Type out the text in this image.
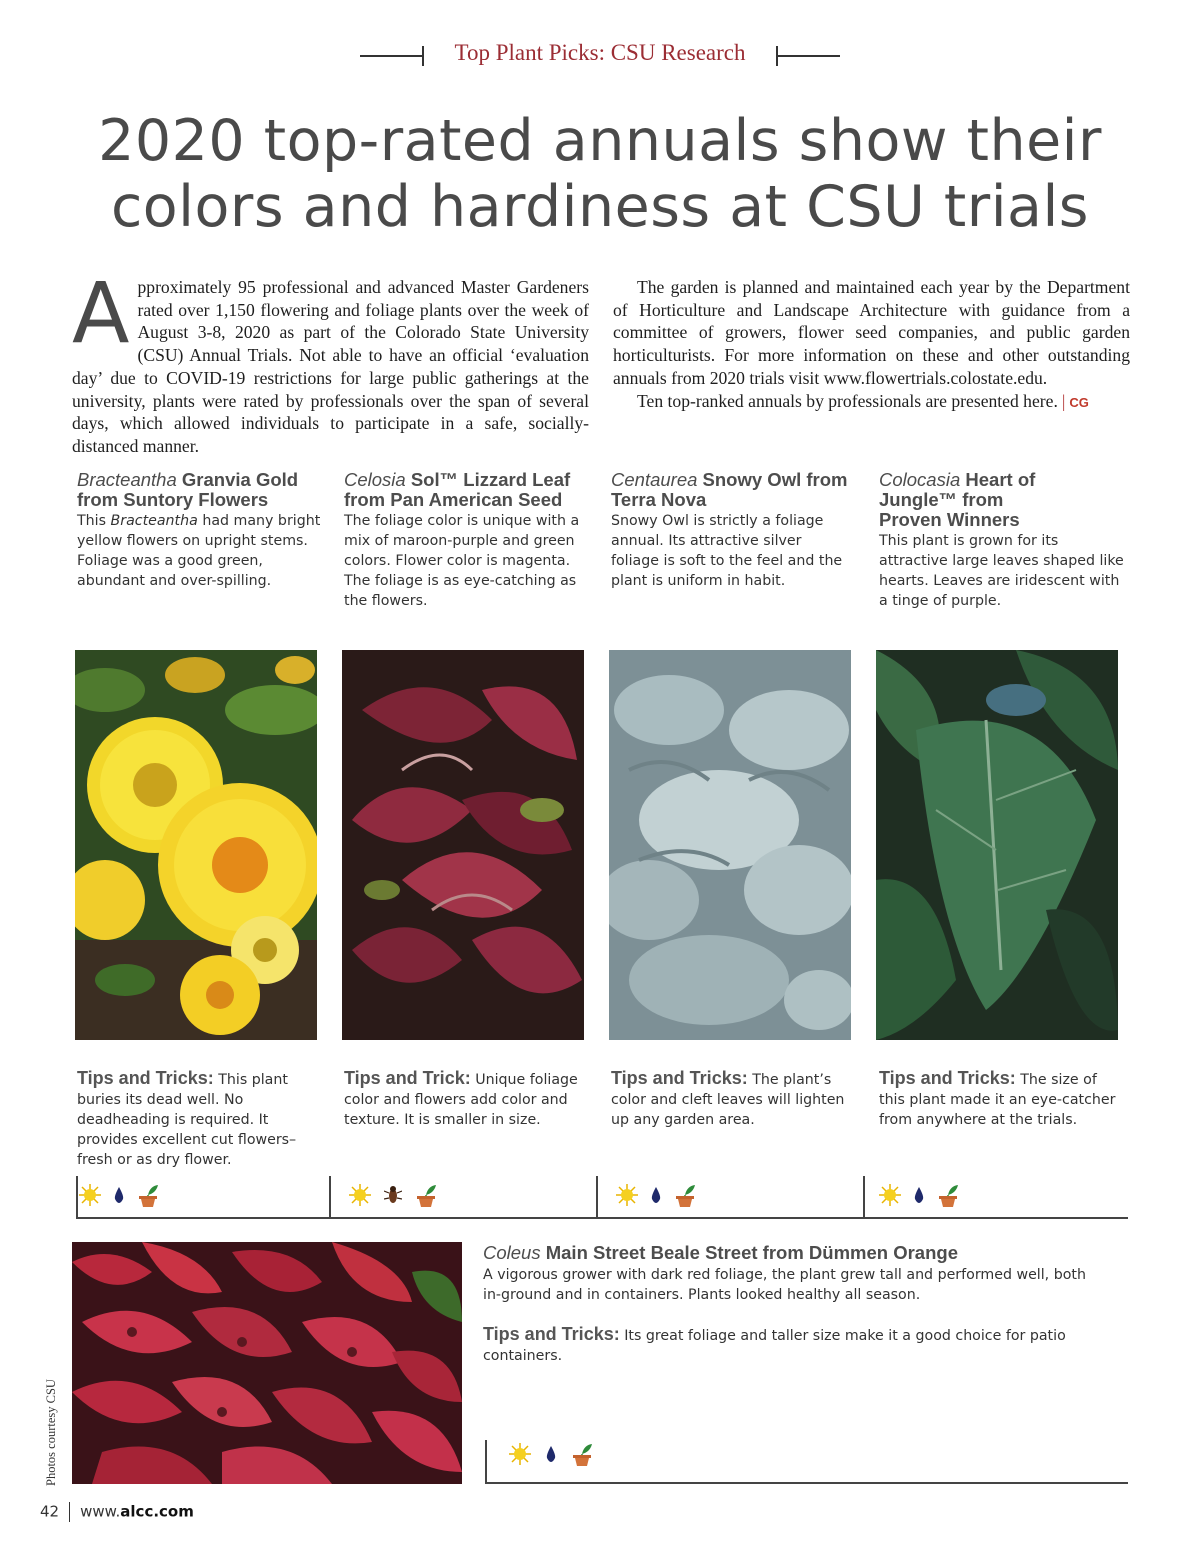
Top Plant Picks: CSU Research
2020 top-rated annuals show their
colors and hardiness at CSU trials
A pproximately 95 professional and advanced Master Gardeners rated over 1,150 flowering and foliage plants over the week of August 3-8, 2020 as part of the Colorado State University (CSU) Annual Trials. Not able to have an official ‘evaluation day’ due to COVID-19 restrictions for large public gatherings at the university, plants were rated by professionals over the span of several days, which allowed individuals to participate in a safe, socially-distanced manner.

The garden is planned and maintained each year by the Department of Horticulture and Landscape Architecture with guidance from a committee of growers, flower seed companies, and public garden horticulturists. For more information on these and other outstanding annuals from 2020 trials visit www.flowertrials.colostate.edu.

Ten top-ranked annuals by professionals are presented here. | CG

Bracteantha Granvia Gold from Suntory Flowers
This Bracteantha had many bright yellow flowers on upright stems. Foliage was a good green, abundant and over-spilling.
Celosia Sol™ Lizzard Leaf from Pan American Seed
The foliage color is unique with a mix of maroon-purple and green colors. Flower color is magenta. The foliage is as eye-catching as the flowers.
Centaurea Snowy Owl from Terra Nova
Snowy Owl is strictly a foliage annual. Its attractive silver foliage is soft to the feel and the plant is uniform in habit.
Colocasia Heart of Jungle™ from Proven Winners
This plant is grown for its attractive large leaves shaped like hearts. Leaves are iridescent with a tinge of purple.
Tips and Tricks: This plant buries its dead well. No deadheading is required. It provides excellent cut flowers–fresh or as dry flower.
Tips and Trick: Unique foliage color and flowers add color and texture. It is smaller in size.
Tips and Tricks: The plant’s color and cleft leaves will lighten up any garden area.
Tips and Tricks: The size of this plant made it an eye-catcher from anywhere at the trials.
Coleus Main Street Beale Street from Dümmen Orange
A vigorous grower with dark red foliage, the plant grew tall and performed well, both in-ground and in containers. Plants looked healthy all season.
Tips and Tricks: Its great foliage and taller size make it a good choice for patio containers.
Photos courtesy CSU
42 www.alcc.com
